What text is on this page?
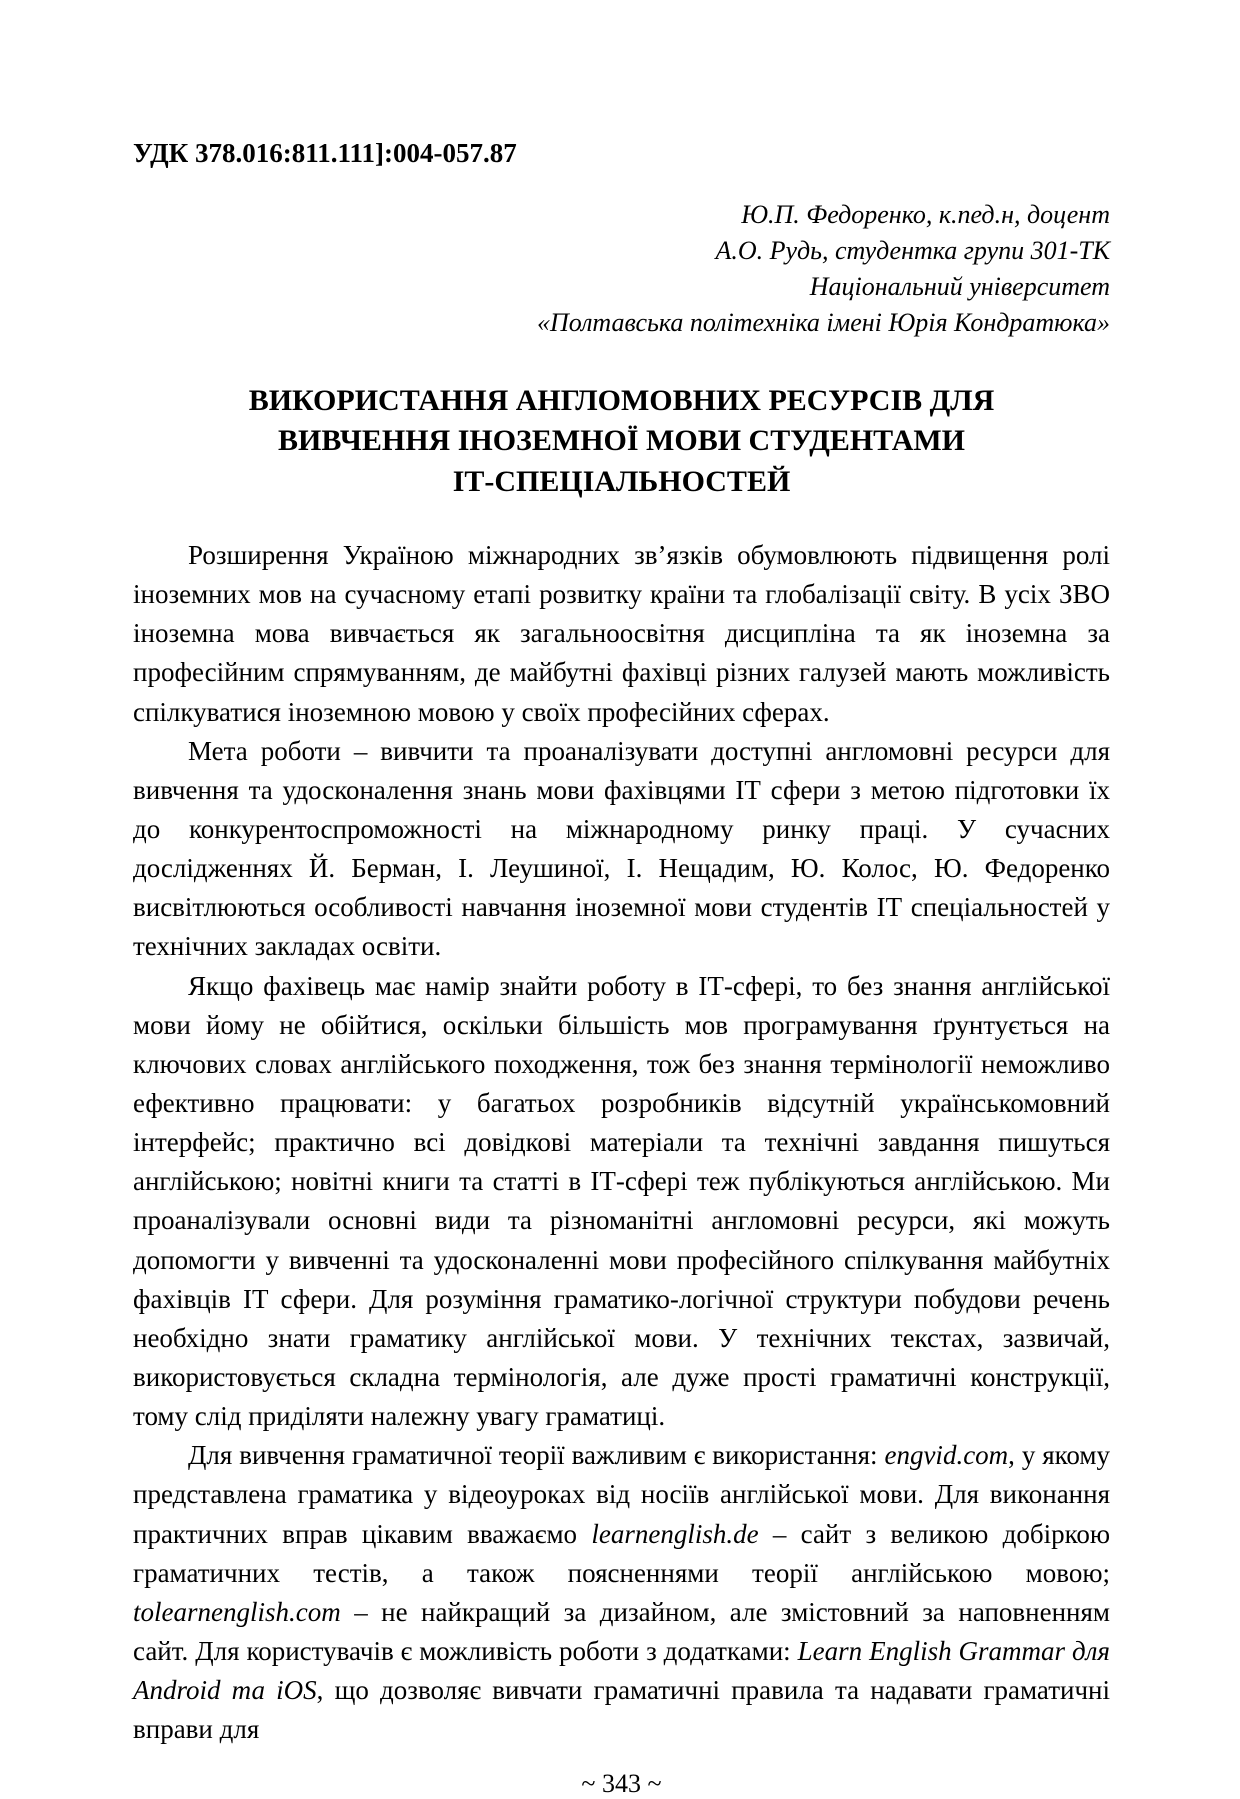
УДК 378.016:811.111]:004-057.87
Ю.П. Федоренко, к.пед.н, доцент
А.О. Рудь, студентка групи 301-ТК
Національний університет
«Полтавська політехніка імені Юрія Кондратюка»
ВИКОРИСТАННЯ АНГЛОМОВНИХ РЕСУРСІВ ДЛЯ
ВИВЧЕННЯ ІНОЗЕМНОЇ МОВИ СТУДЕНТАМИ
ІТ-СПЕЦІАЛЬНОСТЕЙ

Розширення Україною міжнародних зв’язків обумовлюють підвищення ролі іноземних мов на сучасному етапі розвитку країни та глобалізації світу. В усіх ЗВО іноземна мова вивчається як загальноосвітня дисципліна та як іноземна за професійним спрямуванням, де майбутні фахівці різних галузей мають можливість спілкуватися іноземною мовою у своїх професійних сферах.

Мета роботи – вивчити та проаналізувати доступні англомовні ресурси для вивчення та удосконалення знань мови фахівцями ІТ сфери з метою підготовки їх до конкурентоспроможності на міжнародному ринку праці. У сучасних дослідженнях Й. Берман, І. Леушиної, І. Нещадим, Ю. Колос, Ю. Федоренко висвітлюються особливості навчання іноземної мови студентів ІТ спеціальностей у технічних закладах освіти.

Якщо фахівець має намір знайти роботу в ІТ-сфері, то без знання англійської мови йому не обійтися, оскільки більшість мов програмування ґрунтується на ключових словах англійського походження, тож без знання термінології неможливо ефективно працювати: у багатьох розробників відсутній українськомовний інтерфейс; практично всі довідкові матеріали та технічні завдання пишуться англійською; новітні книги та статті в ІТ-сфері теж публікуються англійською. Ми проаналізували основні види та різноманітні англомовні ресурси, які можуть допомогти у вивченні та удосконаленні мови професійного спілкування майбутніх фахівців ІТ сфери. Для розуміння граматико-логічної структури побудови речень необхідно знати граматику англійської мови. У технічних текстах, зазвичай, використовується складна термінологія, але дуже прості граматичні конструкції, тому слід приділяти належну увагу граматиці.

Для вивчення граматичної теорії важливим є використання: engvid.com, у якому представлена граматика у відеоуроках від носіїв англійської мови. Для виконання практичних вправ цікавим вважаємо learnenglish.de – сайт з великою добіркою граматичних тестів, а також поясненнями теорії англійською мовою; tolearnenglish.com – не найкращий за дизайном, але змістовний за наповненням сайт. Для користувачів є можливість роботи з додатками: Learn English Grammar для Android та iOS, що дозволяє вивчати граматичні правила та надавати граматичні вправи для

~ 343 ~
